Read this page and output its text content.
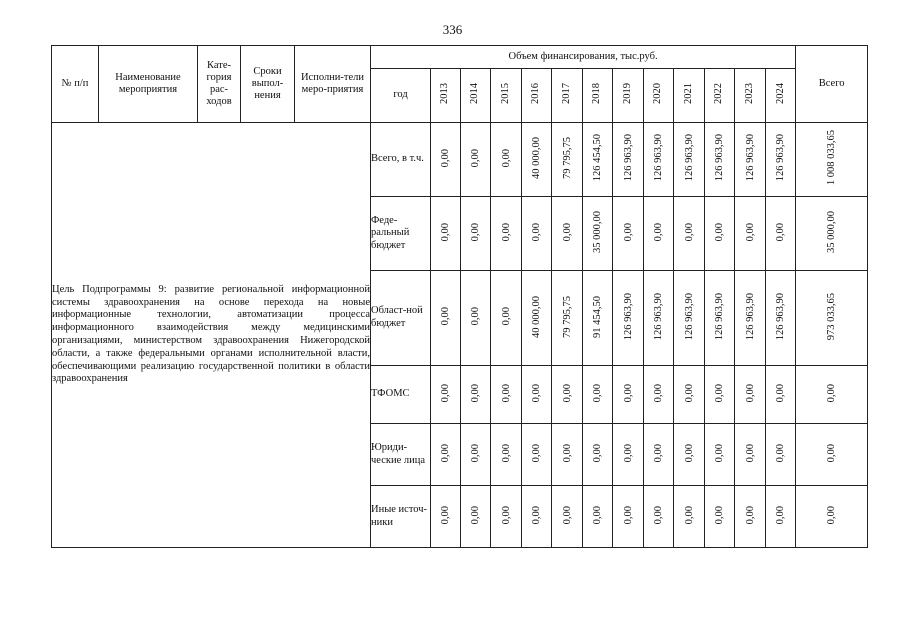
336
№ п/п	Наименование мероприятия	Кате-гория рас-ходов	Сроки выпол-нения	Исполни-тели меро-приятия	Объем финансирования, тыс.руб.													Всего
					год	2013	2014	2015	2016	2017	2018	2019	2020	2021	2022	2023	2024	
Цель Подпрограммы 9: развитие региональной информационной системы здравоохранения на основе перехода на новые информационные технологии, автоматизации процесса информационного взаимодействия между медицинскими организациями, министерством здравоохранения Нижегородской области, а также федеральными органами исполнительной власти, обеспечивающими реализацию государственной политики в области здравоохранения					Всего, в т.ч.	0,00	0,00	0,00	40 000,00	79 795,75	126 454,50	126 963,90	126 963,90	126 963,90	126 963,90	126 963,90	126 963,90	1 008 033,65
					Феде-ральный бюджет	0,00	0,00	0,00	0,00	0,00	35 000,00	0,00	0,00	0,00	0,00	0,00	0,00	35 000,00
					Област-ной бюджет	0,00	0,00	0,00	40 000,00	79 795,75	91 454,50	126 963,90	126 963,90	126 963,90	126 963,90	126 963,90	126 963,90	973 033,65
					ТФОМС	0,00	0,00	0,00	0,00	0,00	0,00	0,00	0,00	0,00	0,00	0,00	0,00	0,00
					Юриди-ческие лица	0,00	0,00	0,00	0,00	0,00	0,00	0,00	0,00	0,00	0,00	0,00	0,00	0,00
					Иные источ-ники	0,00	0,00	0,00	0,00	0,00	0,00	0,00	0,00	0,00	0,00	0,00	0,00	0,00
